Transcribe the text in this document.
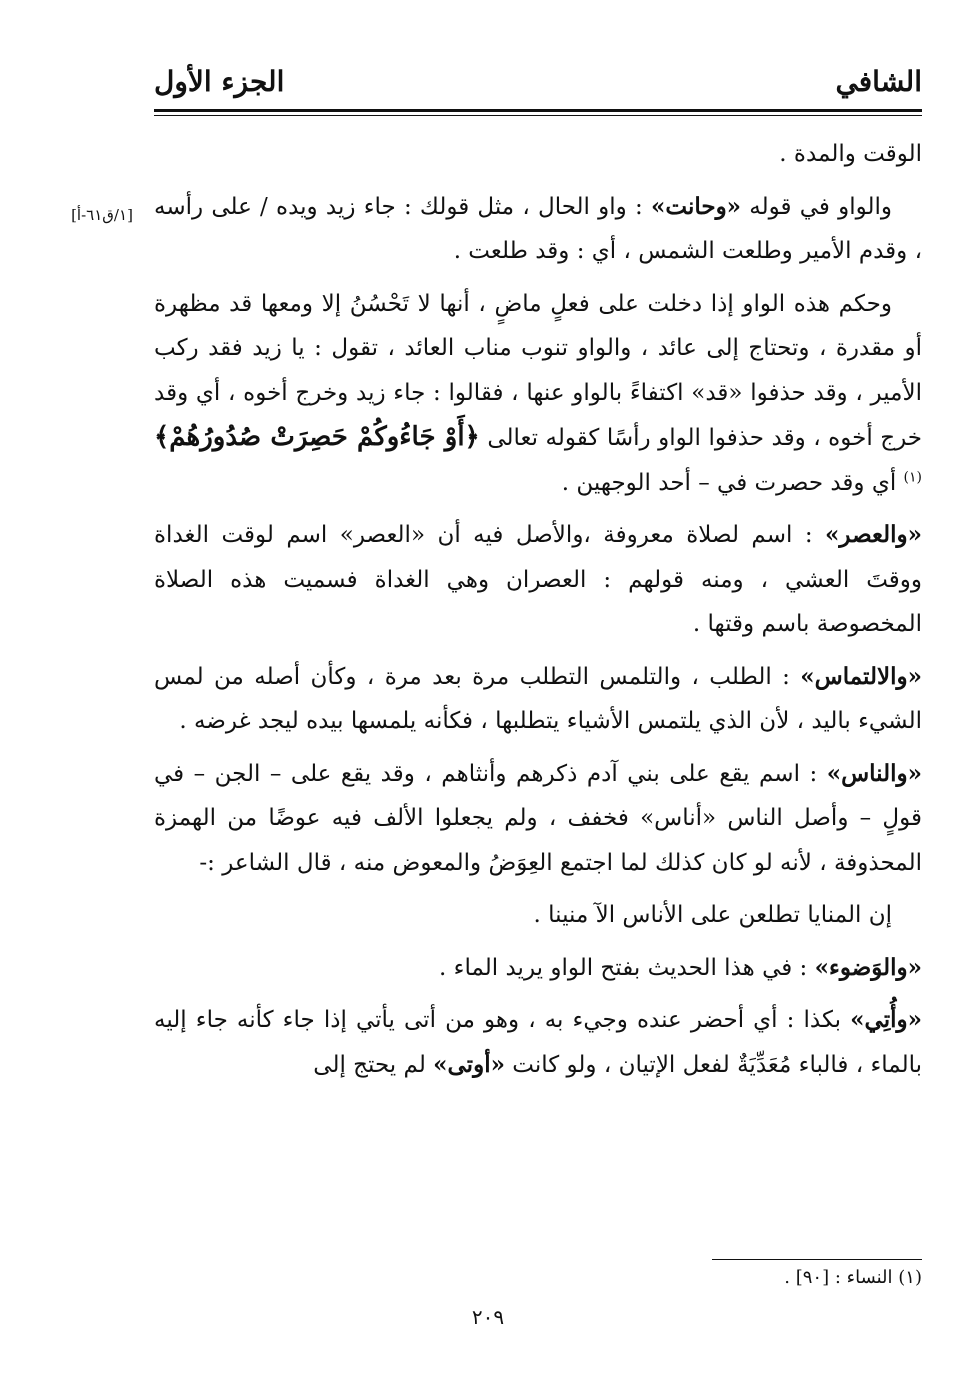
الشافي
الجزء الأول
[١/ق٦١-أ]

الوقت والمدة .

والواو في قوله «وحانت» : واو الحال ، مثل قولك : جاء زيد ويده / على رأسه ، وقدم الأمير وطلعت الشمس ، أي : وقد طلعت .

وحكم هذه الواو إذا دخلت على فعلٍ ماضٍ ، أنها لا تَحْسُنُ إلا ومعها قد مظهرة أو مقدرة ، وتحتاج إلى عائد ، والواو تنوب مناب العائد ، تقول : يا زيد فقد ركب الأمير ، وقد حذفوا «قد» اكتفاءً بالواو عنها ، فقالوا : جاء زيد وخرج أخوه ، أي وقد خرج أخوه ، وقد حذفوا الواو رأسًا كقوله تعالى ﴿أَوْ جَاءُوكُمْ حَصِرَتْ صُدُورُهُمْ﴾$^{(١)}$ أي وقد حصرت في – أحد الوجهين .

«والعصر» : اسم لصلاة معروفة ،والأصل فيه أن «العصر» اسم لوقت الغداة ووقتَ العشي ، ومنه قولهم : العصران وهي الغداة فسميت هذه الصلاة المخصوصة باسم وقتها .

«والالتماس» : الطلب ، والتلمس التطلب مرة بعد مرة ، وكأن أصله من لمس الشيء باليد ، لأن الذي يلتمس الأشياء يتطلبها ، فكأنه يلمسها بيده ليجد غرضه .

«والناس» : اسم يقع على بني آدم ذكرهم وأنثاهم ، وقد يقع على – الجن – في قولٍ – وأصل الناس «أناس» فخفف ، ولم يجعلوا الألف فيه عوضًا من الهمزة المحذوفة ، لأنه لو كان كذلك لما اجتمع العِوَضُ والمعوض منه ، قال الشاعر :-

إن المنايا تطلعن على الأناس الآ منينا .

«والوَضوء» : في هذا الحديث بفتح الواو يريد الماء .

«وأُتِي» بكذا : أي أحضر عنده وجيء به ، وهو من أتى يأتي إذا جاء كأنه جاء إليه بالماء ، فالباء مُعَدِّيَةٌ لفعل الإتيان ، ولو كانت «أوتى» لم يحتج إلى

(١) النساء : [٩٠] .
٢٠٩
